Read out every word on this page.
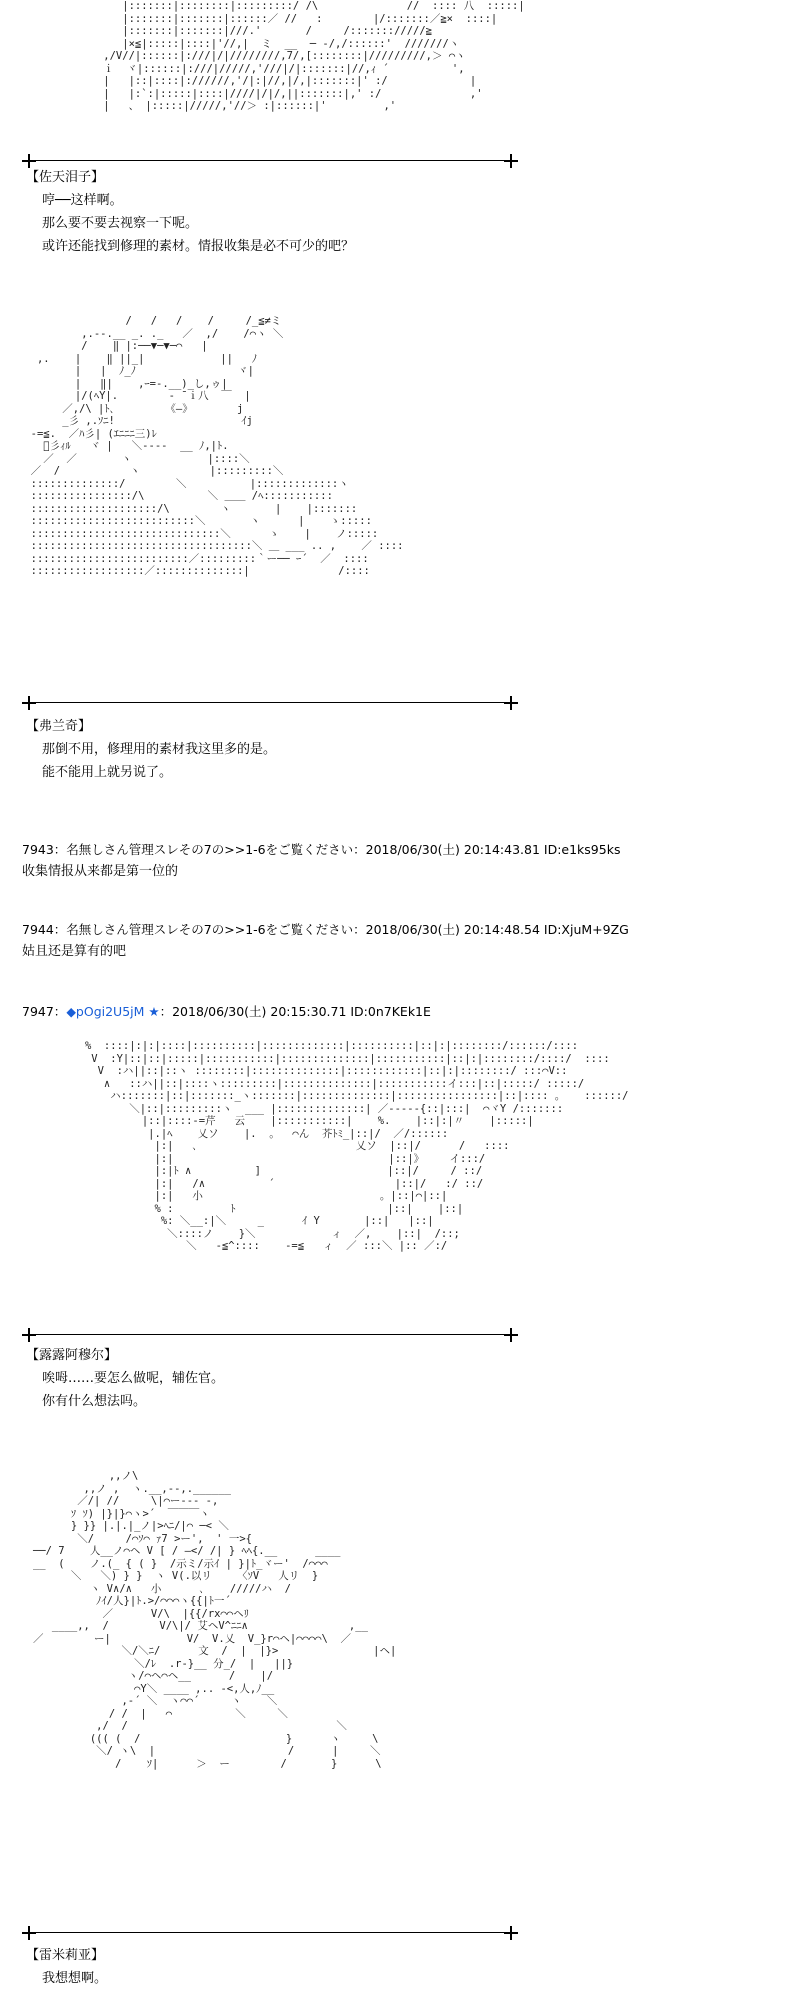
|:::::::|::::::::|:::::::::/ /\              //  :::: 八  :::::|
|:::::::|:::::::|::::::／ //   :        |/:::::::／≧×  ::::|
|:::::::|:::::::|///.'       /     /::::::://///≧
|×≦|:::::|::::|'//,|  ミ  __  ─ -/,/::::::'  ///////ヽ
,/V//|::::::|:///|/|////////,7/,[::::::::|/////////,＞ ⌒ヽ
ｉ  ヾ|::::::|:///|/////,'///|/|:::::::|//,ｨ ´          ',
|   |::|::::|://////,'/|:|//,|/,|:::::::|' :/             |
|   |:`:|:::::|::::|////|/|/,||:::::::|,' :/              ,'
|   、 |:::::|/////,'//＞ :|::::::|'         ,'
【佐天泪子】
哼──这样啊。
那么要不要去视察一下呢。
或许还能找到修理的素材。情报收集是必不可少的吧？
/   /   /    /     /_≦≠ミ
,.--.__ _. ._   ／  ,/    /⌒ヽ ＼
/    ‖ |:──▼─▼─⌒   |
,.    |    ‖ ||_|            ||   ﾉ
|   |  ﾉ_ﾉ                ヾ|
|   ‖|    ,ｰ=-.__)_し,ゥ|
|/(ﾍY|.        ‐ ̄ ｉ八  ￣  |
／,/\ |ﾄ､        《―》       j
_彡 ,.ｿﾆ!                    ｲj
‐=≦.  ／ﾊ彡| (ｴﾆﾆﾆ三)ﾚ
゙彡ｨﾙ   ヾ |   ＼----  __ ﾉ,|ﾄ.
／  ／       ヽ            |::::＼
／  /           ヽ           |:::::::::＼
::::::::::::::/        ＼          |:::::::::::::ヽ
::::::::::::::::/\          ＼ ＿＿ /ﾍ:::::::::::
::::::::::::::::::::/\        ヽ       |    |:::::::
::::::::::::::::::::::::::＼       ヽ      |    ゝ:::::
::::::::::::::::::::::::::::::＼      ゝ    |    ノ:::::
:::::::::::::::::::::::::::::::::::＼ ＿ ___ .. ,    ／ ::::
:::::::::::::::::::::::::／:::::::::｀ー── ｰ´  ／  ::::
::::::::::::::::::／::::::::::::::|              /::::
【弗兰奇】
那倒不用，修理用的素材我这里多的是。
能不能用上就另说了。
7943：名無しさん管理スレその7の>>1-6をご覧ください：2018/06/30(土) 20:14:43.81 ID:e1ks95ks
收集情报从来都是第一位的
7944：名無しさん管理スレその7の>>1-6をご覧ください：2018/06/30(土) 20:14:48.54 ID:XjuM+9ZG
姑且还是算有的吧
7947：◆pOgi2U5jM ★：2018/06/30(土) 20:15:30.71 ID:0n7KEk1E
%  ::::|:|:|::::|::::::::::|:::::::::::::|::::::::::|::|:|::::::::/::::::/::::
V  :Y|::|::|:::::|:::::::::::|::::::::::::::|:::::::::::|::|:|::::::::/::::/  ::::
V  :ハ||::|::ヽ ::::::::|::::::::::::::|::::::::::::|::|:|::::::::/ :::⌒V::
∧   ::ハ||::|::::ヽ:::::::::|::::::::::::::|:::::::::::イ:::|::|:::::/ :::::/
ハ:::::::|::|:::::::_ヽ:::::::|::::::::::::::|::::::::::::::::|::|:::: 。   ::::::/
＼|::|:::::::::ヽ  ___ |::::::::::::::| ／-----{::|:::|  ⌒ヾY /:::::::
|::|::::-=芹   云    |:::::::::::|    %.    |::|:|〃    |:::::|
|.|ﾍ    乂ソ    |.  。  ⌒ん  芥ﾄﾐ_|::|/  ／/::::::
|:|   ､                         乂ソ  |::|/      /   ::::
|:|                                  |::|》    イ:::/
|:|ﾄ ∧          ]                    |::|/     / ::/
|:|   /∧          ´                   |::|/   :/ ::/
|:|   小                            。|::|⌒|::|
% :         ﾄ                        |::|    |::|
%: ＼__:|＼     _      ｲ Y       |::|   |::|
＼::::ノ    }＼            ィ  ／,    |::|  /::;
＼   -≦^::::    -=≦   ィ  ／ :::＼ |:: ／:/
【露露阿穆尔】
唉呣……要怎么做呢，辅佐官。
你有什么想法吗。
,,ノ\
,,ノ ,  ヽ.__,--,.______
／/| //     \|⌒ー--- -,
ｿ ｿ) |}|}⌒ヽ>´  ￣￣￣ヽ
} }} |.|.|_ノ|>ﾍﾆ/|⌒ ─< ＼
＼/     /⌒ｿ⌒ ｧ7 >ー',  ' 一>{
──/ 7    人__ノ⌒ヘ V [ / ―</ /| } ﾍﾍ{.__      ____
__  (    ノ.(_ { ( }  /示ミ/示ｲ | }|ﾄ_ヾー'  /⌒⌒⌒
＼   ＼) } }  ヽ V(.以リ    〈ｿV   人リ  }
ヽ V∧/∧   小      ､    /////ハ  /
ﾉｲ/人}|ﾄ.>/⌒⌒⌒ヽ{{|ﾄ一´
／      V/\  |{{/rx⌒⌒ヘﾘ
____,,  /        V/\|/ 艾ヘV^ﾆﾆ∧                ,__
／        ー|            V/  V.乂  V_}r⌒ヘ|⌒⌒⌒⌒\  ／
＼/＼ﾆ/      文  /  |  |}>               |ヘ|
＼/ﾚ  .r-}__ 分_/  |   ||}
ヽ/⌒ヘ⌒ヘ__      /    |/
⌒Y＼ ____ ,.. -<,人,ﾉ__
,-´ ＼  ヽ⌒⌒´     ヽ    ＼
/ /  |   ⌒          ＼     ＼
,/  /                                 ＼
((( (  /                       }      ヽ     \
＼/ ヽ\  |                     /      |     ＼
/    ｿ|      ＞  ー        /       }      \
【雷米莉亚】
我想想啊。
